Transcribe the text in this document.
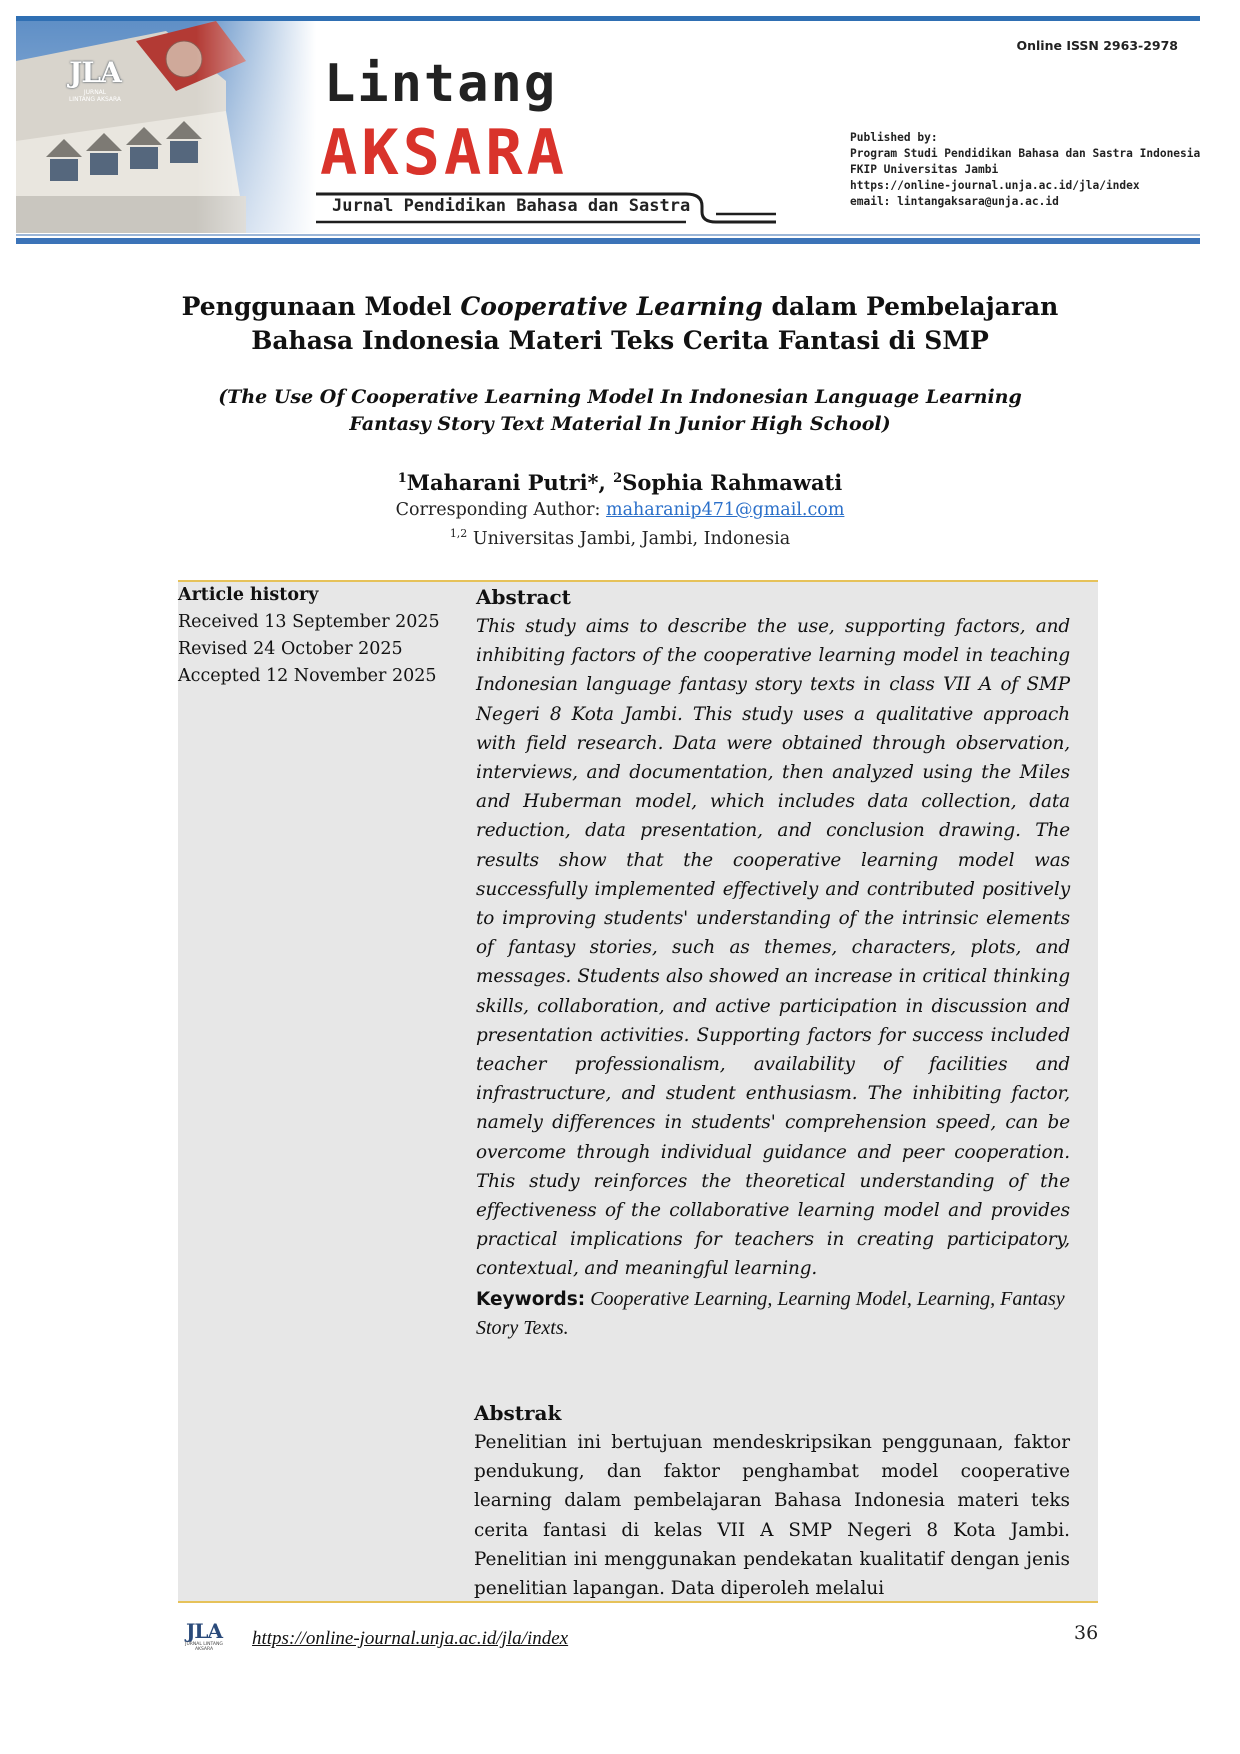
JLA
JURNAL
LINTANG AKSARA
Online ISSN 2963-2978
Lintang
AKSARA
Jurnal Pendidikan Bahasa dan Sastra
Published by:
Program Studi Pendidikan Bahasa dan Sastra Indonesia
FKIP Universitas Jambi
https://online-journal.unja.ac.id/jla/index
email: lintangaksara@unja.ac.id
Penggunaan Model Cooperative Learning dalam Pembelajaran
Bahasa Indonesia Materi Teks Cerita Fantasi di SMP
(The Use Of Cooperative Learning Model In Indonesian Language Learning
Fantasy Story Text Material In Junior High School)
$^1$Maharani Putri*, $^2$Sophia Rahmawati
Corresponding Author: maharanip471@gmail.com
$^{1,2}$ Universitas Jambi, Jambi, Indonesia
Article history
Received 13 September 2025
Revised 24 October 2025
Accepted 12 November 2025
Abstract
This study aims to describe the use, supporting factors, and inhibiting factors of the cooperative learning model in teaching Indonesian language fantasy story texts in class VII A of SMP Negeri 8 Kota Jambi. This study uses a qualitative approach with field research. Data were obtained through observation, interviews, and documentation, then analyzed using the Miles and Huberman model, which includes data collection, data reduction, data presentation, and conclusion drawing. The results show that the cooperative learning model was successfully implemented effectively and contributed positively to improving students' understanding of the intrinsic elements of fantasy stories, such as themes, characters, plots, and messages. Students also showed an increase in critical thinking skills, collaboration, and active participation in discussion and presentation activities. Supporting factors for success included teacher professionalism, availability of facilities and infrastructure, and student enthusiasm. The inhibiting factor, namely differences in students' comprehension speed, can be overcome through individual guidance and peer cooperation. This study reinforces the theoretical understanding of the effectiveness of the collaborative learning model and provides practical implications for teachers in creating participatory, contextual, and meaningful learning.
Keywords: Cooperative Learning, Learning Model, Learning, Fantasy Story Texts.
Abstrak
Penelitian ini bertujuan mendeskripsikan penggunaan, faktor pendukung, dan faktor penghambat model cooperative learning dalam pembelajaran Bahasa Indonesia materi teks cerita fantasi di kelas VII A SMP Negeri 8 Kota Jambi. Penelitian ini menggunakan pendekatan kualitatif dengan jenis penelitian lapangan. Data diperoleh melalui
JLA
JURNAL LINTANG AKSARA
https://online-journal.unja.ac.id/jla/index	36
